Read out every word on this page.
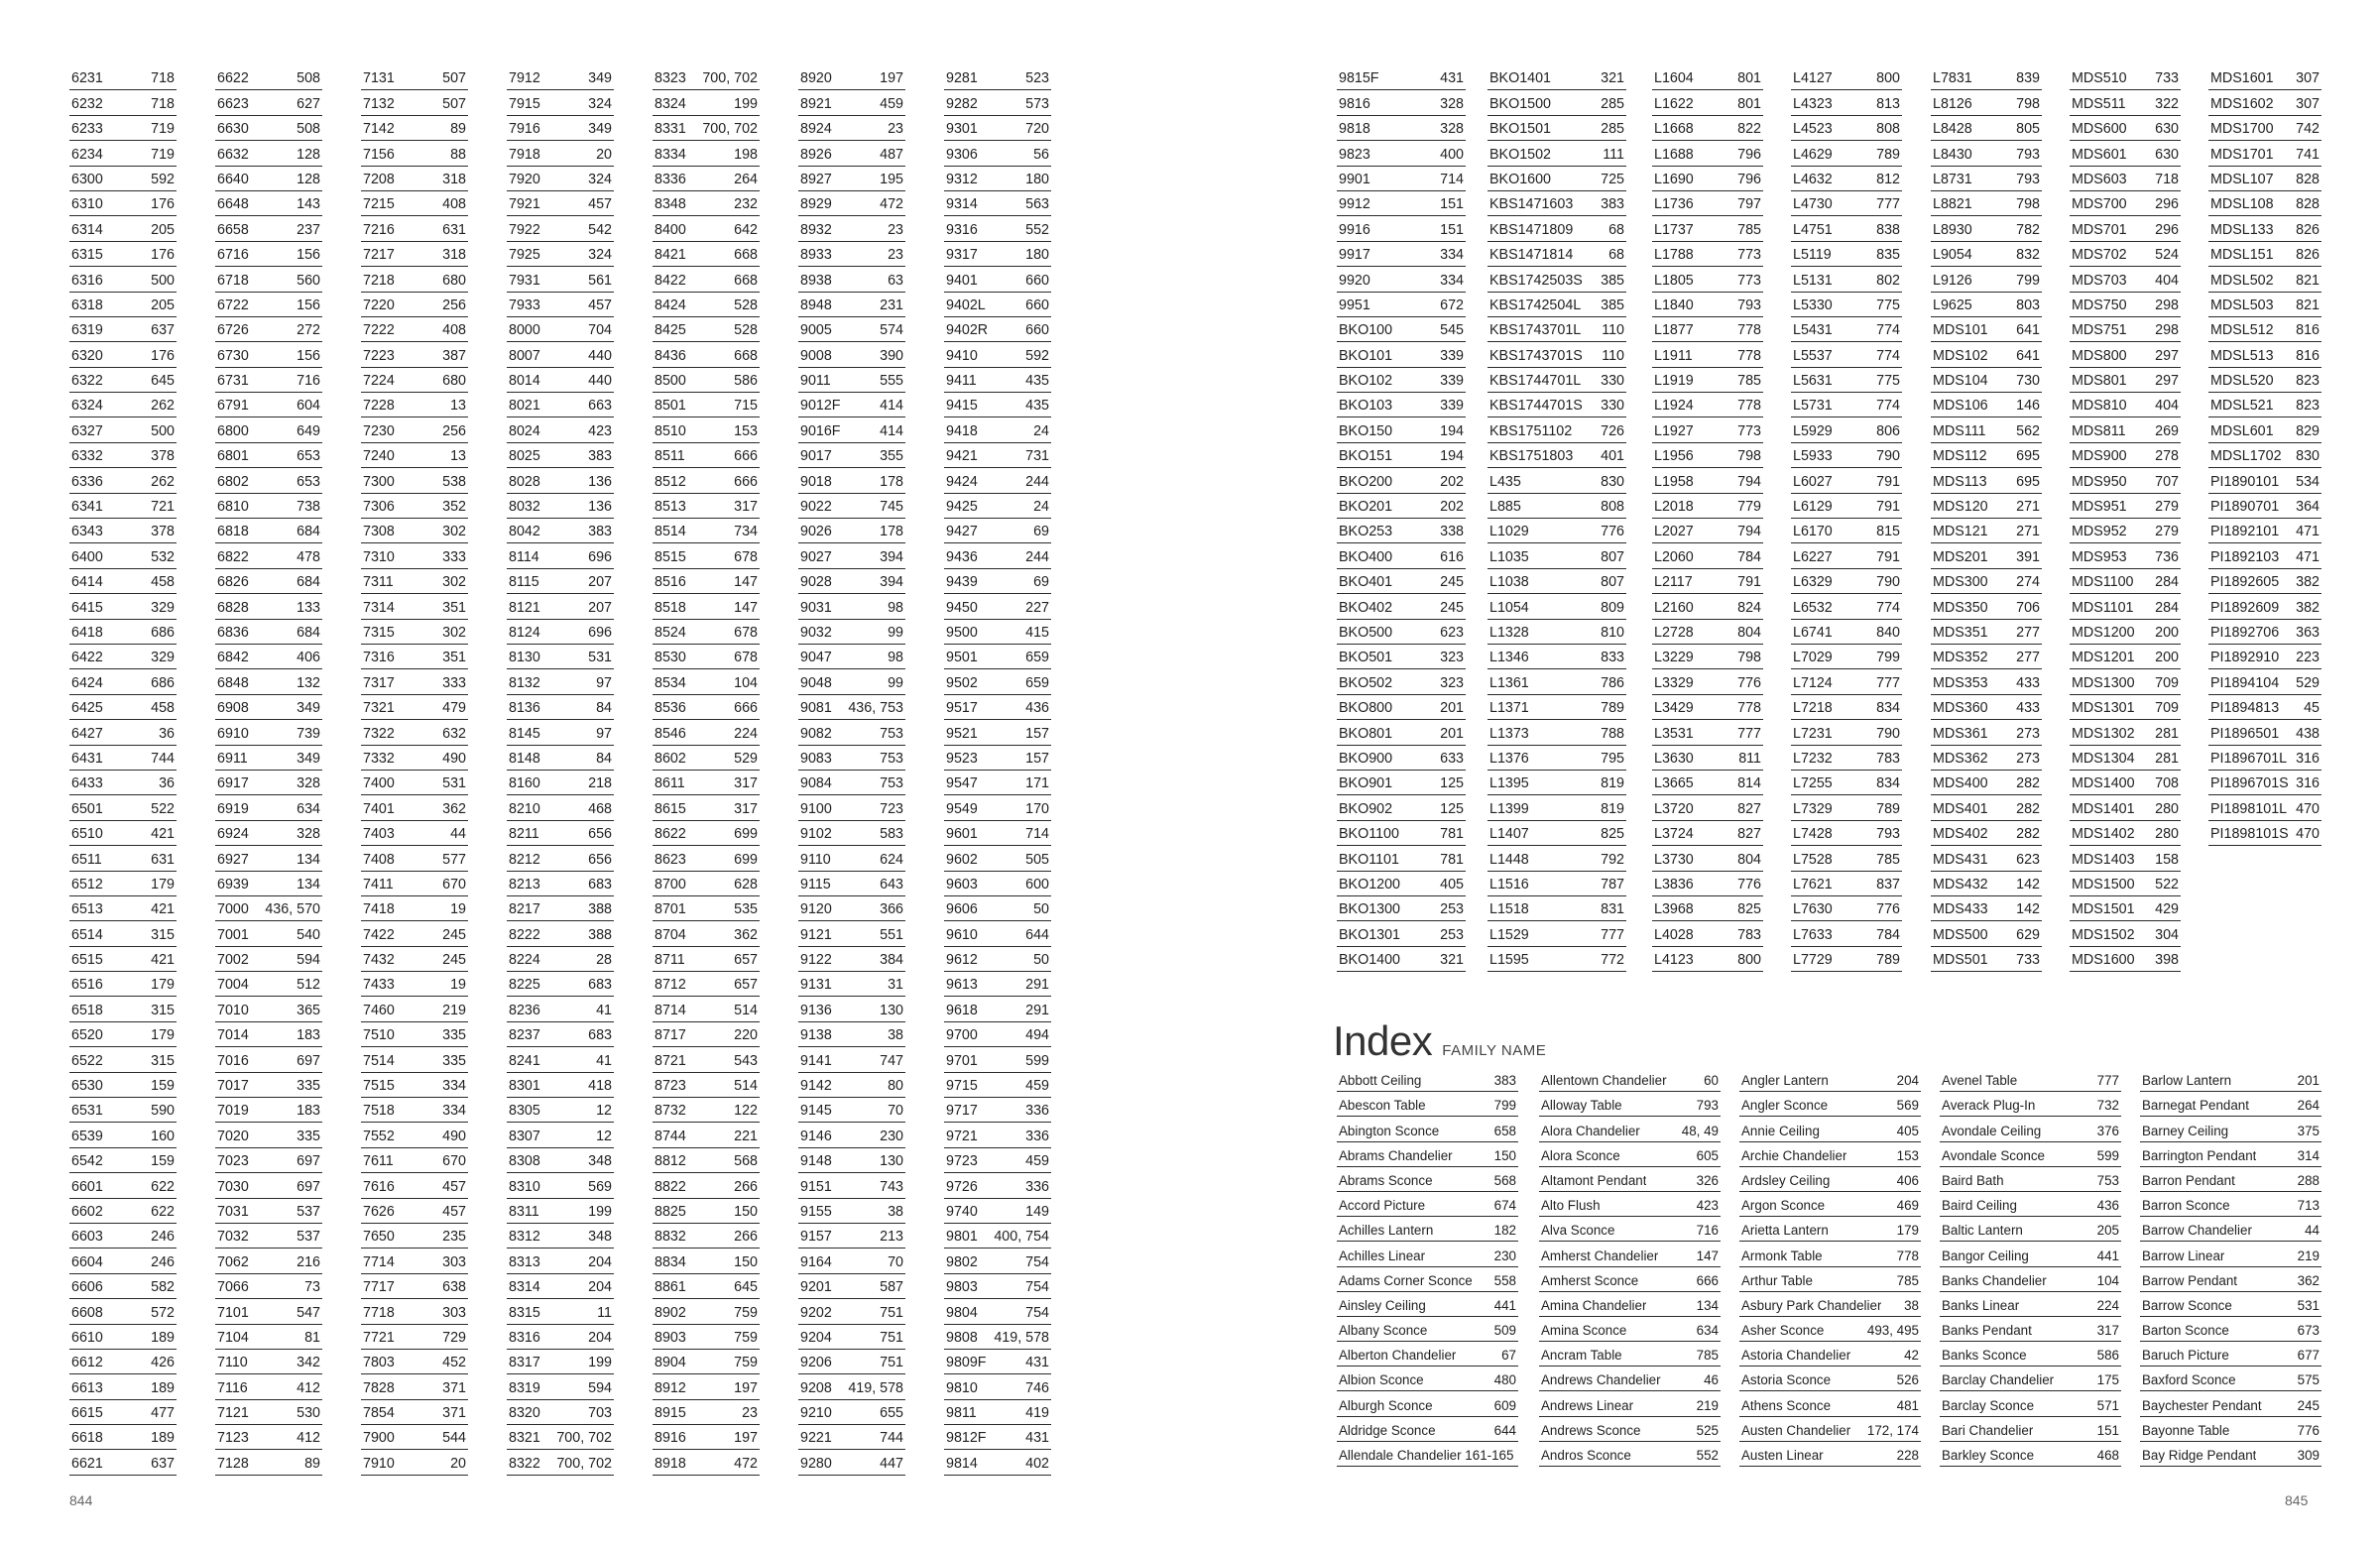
6231	718
6232	718
6233	719
6234	719
6300	592
6310	176
6314	205
6315	176
6316	500
6318	205
6319	637
6320	176
6322	645
6324	262
6327	500
6332	378
6336	262
6341	721
6343	378
6400	532
6414	458
6415	329
6418	686
6422	329
6424	686
6425	458
6427	36
6431	744
6433	36
6501	522
6510	421
6511	631
6512	179
6513	421
6514	315
6515	421
6516	179
6518	315
6520	179
6522	315
6530	159
6531	590
6539	160
6542	159
6601	622
6602	622
6603	246
6604	246
6606	582
6608	572
6610	189
6612	426
6613	189
6615	477
6618	189
6621	637
6622	508
6623	627
6630	508
6632	128
6640	128
6648	143
6658	237
6716	156
6718	560
6722	156
6726	272
6730	156
6731	716
6791	604
6800	649
6801	653
6802	653
6810	738
6818	684
6822	478
6826	684
6828	133
6836	684
6842	406
6848	132
6908	349
6910	739
6911	349
6917	328
6919	634
6924	328
6927	134
6939	134
7000 436, 570
7001	540
7002	594
7004	512
7010	365
7014	183
7016	697
7017	335
7019	183
7020	335
7023	697
7030	697
7031	537
7032	537
7062	216
7066	73
7101	547
7104	81
7110	342
7116	412
7121	530
7123	412
7128	89
7131	507
7132	507
7142	89
7156	88
7208	318
7215	408
7216	631
7217	318
7218	680
7220	256
7222	408
7223	387
7224	680
7228	13
7230	256
7240	13
7300	538
7306	352
7308	302
7310	333
7311	302
7314	351
7315	302
7316	351
7317	333
7321	479
7322	632
7332	490
7400	531
7401	362
7403	44
7408	577
7411	670
7418	19
7422	245
7432	245
7433	19
7460	219
7510	335
7514	335
7515	334
7518	334
7552	490
7611	670
7616	457
7626	457
7650	235
7714	303
7717	638
7718	303
7721	729
7803	452
7828	371
7854	371
7900	544
7910	20
7912	349
7915	324
7916	349
7918	20
7920	324
7921	457
7922	542
7925	324
7931	561
7933	457
8000	704
8007	440
8014	440
8021	663
8024	423
8025	383
8028	136
8032	136
8042	383
8114	696
8115	207
8121	207
8124	696
8130	531
8132	97
8136	84
8145	97
8148	84
8160	218
8210	468
8211	656
8212	656
8213	683
8217	388
8222	388
8224	28
8225	683
8236	41
8237	683
8241	41
8301	418
8305	12
8307	12
8308	348
8310	569
8311	199
8312	348
8313	204
8314	204
8315	11
8316	204
8317	199
8319	594
8320	703
8321 700, 702
8322 700, 702
8323 700, 702
8324	199
8331 700, 702
8334	198
8336	264
8348	232
8400	642
8421	668
8422	668
8424	528
8425	528
8436	668
8500	586
8501	715
8510	153
8511	666
8512	666
8513	317
8514	734
8515	678
8516	147
8518	147
8524	678
8530	678
8534	104
8536	666
8546	224
8602	529
8611	317
8615	317
8622	699
8623	699
8700	628
8701	535
8704	362
8711	657
8712	657
8714	514
8717	220
8721	543
8723	514
8732	122
8744	221
8812	568
8822	266
8825	150
8832	266
8834	150
8861	645
8902	759
8903	759
8904	759
8912	197
8915	23
8916	197
8918	472
8920	197
8921	459
8924	23
8926	487
8927	195
8929	472
8932	23
8933	23
8938	63
8948	231
9005	574
9008	390
9011	555
9012F	414
9016F	414
9017	355
9018	178
9022	745
9026	178
9027	394
9028	394
9031	98
9032	99
9047	98
9048	99
9081 436, 753
9082	753
9083	753
9084	753
9100	723
9102	583
9110	624
9115	643
9120	366
9121	551
9122	384
9131	31
9136	130
9138	38
9141	747
9142	80
9145	70
9146	230
9148	130
9151	743
9155	38
9157	213
9164	70
9201	587
9202	751
9204	751
9206	751
9208 419, 578
9210	655
9221	744
9280	447
9281	523
9282	573
9301	720
9306	56
9312	180
9314	563
9316	552
9317	180
9401	660
9402L	660
9402R	660
9410	592
9411	435
9415	435
9418	24
9421	731
9424	244
9425	24
9427	69
9436	244
9439	69
9450	227
9500	415
9501	659
9502	659
9517	436
9521	157
9523	157
9547	171
9549	170
9601	714
9602	505
9603	600
9606	50
9610	644
9612	50
9613	291
9618	291
9700	494
9701	599
9715	459
9717	336
9721	336
9723	459
9726	336
9740	149
9801 400, 754
9802	754
9803	754
9804	754
9808 419, 578
9809F	431
9810	746
9811	419
9812F	431
9814	402
844
9815F	431
9816	328
9818	328
9823	400
9901	714
9912	151
9916	151
9917	334
9920	334
9951	672
BKO100	545
BKO101	339
BKO102	339
BKO103	339
BKO150	194
BKO151	194
BKO200	202
BKO201	202
BKO253	338
BKO400	616
BKO401	245
BKO402	245
BKO500	623
BKO501	323
BKO502	323
BKO800	201
BKO801	201
BKO900	633
BKO901	125
BKO902	125
BKO1100	781
BKO1101	781
BKO1200	405
BKO1300	253
BKO1301	253
BKO1400	321
BKO1401	321
BKO1500	285
BKO1501	285
BKO1502	111
BKO1600	725
KBS1471603 383
KBS1471809	68
KBS1471814	68
KBS1742503S 385
KBS1742504L 385
KBS1743701L 110
KBS1743701S 110
KBS1744701L 330
KBS1744701S 330
KBS1751102 726
KBS1751803 401
L435	830
L885	808
L1029	776
L1035	807
L1038	807
L1054	809
L1328	810
L1346	833
L1361	786
L1371	789
L1373	788
L1376	795
L1395	819
L1399	819
L1407	825
L1448	792
L1516	787
L1518	831
L1529	777
L1595	772
L1604	801
L1622	801
L1668	822
L1688	796
L1690	796
L1736	797
L1737	785
L1788	773
L1805	773
L1840	793
L1877	778
L1911	778
L1919	785
L1924	778
L1927	773
L1956	798
L1958	794
L2018	779
L2027	794
L2060	784
L2117	791
L2160	824
L2728	804
L3229	798
L3329	776
L3429	778
L3531	777
L3630	811
L3665	814
L3720	827
L3724	827
L3730	804
L3836	776
L3968	825
L4028	783
L4123	800
L4127	800
L4323	813
L4523	808
L4629	789
L4632	812
L4730	777
L4751	838
L5119	835
L5131	802
L5330	775
L5431	774
L5537	774
L5631	775
L5731	774
L5929	806
L5933	790
L6027	791
L6129	791
L6170	815
L6227	791
L6329	790
L6532	774
L6741	840
L7029	799
L7124	777
L7218	834
L7231	790
L7232	783
L7255	834
L7329	789
L7428	793
L7528	785
L7621	837
L7630	776
L7633	784
L7729	789
L7831	839
L8126	798
L8428	805
L8430	793
L8731	793
L8821	798
L8930	782
L9054	832
L9126	799
L9625	803
MDS101 641
MDS102 641
MDS104 730
MDS106 146
MDS111 562
MDS112 695
MDS113 695
MDS120 271
MDS121 271
MDS201 391
MDS300 274
MDS350 706
MDS351 277
MDS352 277
MDS353 433
MDS360 433
MDS361 273
MDS362 273
MDS400 282
MDS401 282
MDS402 282
MDS431 623
MDS432 142
MDS433 142
MDS500 629
MDS501 733
MDS510 733
MDS511 322
MDS600 630
MDS601 630
MDS603 718
MDS700 296
MDS701 296
MDS702 524
MDS703 404
MDS750 298
MDS751 298
MDS800 297
MDS801 297
MDS810 404
MDS811 269
MDS900 278
MDS950 707
MDS951 279
MDS952 279
MDS953 736
MDS1100 284
MDS1101 284
MDS1200 200
MDS1201 200
MDS1300 709
MDS1301 709
MDS1302 281
MDS1304 281
MDS1400 708
MDS1401 280
MDS1402 280
MDS1403 158
MDS1500 522
MDS1501 429
MDS1502 304
MDS1600 398
MDS1601 307
MDS1602 307
MDS1700 742
MDS1701 741
MDSL107 828
MDSL108 828
MDSL133 826
MDSL151 826
MDSL502 821
MDSL503 821
MDSL512 816
MDSL513 816
MDSL520 823
MDSL521 823
MDSL601 829
MDSL1702 830
PI1890101 534
PI1890701 364
PI1892101 471
PI1892103 471
PI1892605 382
PI1892609 382
PI1892706 363
PI1892910 223
PI1894104 529
PI1894813 45
PI1896501 438
PI1896701L 316
PI1896701S 316
PI1898101L 470
PI1898101S 470
Index FAMILY NAME
Abbott Ceiling	383
Abescon Table	799
Abington Sconce	658
Abrams Chandelier	150
Abrams Sconce	568
Accord Picture	674
Achilles Lantern	182
Achilles Linear	230
Adams Corner Sconce 558
Ainsley Ceiling	441
Albany Sconce	509
Alberton Chandelier	67
Albion Sconce	480
Alburgh Sconce	609
Aldridge Sconce	644
Allendale Chandelier 161-165
Allentown Chandelier	60
Alloway Table	793
Alora Chandelier	48, 49
Alora Sconce	605
Altamont Pendant	326
Alto Flush	423
Alva Sconce	716
Amherst Chandelier	147
Amherst Sconce	666
Amina Chandelier	134
Amina Sconce	634
Ancram Table	785
Andrews Chandelier	46
Andrews Linear	219
Andrews Sconce	525
Andros Sconce	552
Angler Lantern	204
Angler Sconce	569
Annie Ceiling	405
Archie Chandelier	153
Ardsley Ceiling	406
Argon Sconce	469
Arietta Lantern	179
Armonk Table	778
Arthur Table	785
Asbury Park Chandelier 38
Asher Sconce	493, 495
Astoria Chandelier	42
Astoria Sconce	526
Athens Sconce	481
Austen Chandelier 172, 174
Austen Linear	228
Avenel Table	777
Averack Plug-In	732
Avondale Ceiling	376
Avondale Sconce	599
Baird Bath	753
Baird Ceiling	436
Baltic Lantern	205
Bangor Ceiling	441
Banks Chandelier	104
Banks Linear	224
Banks Pendant	317
Banks Sconce	586
Barclay Chandelier	175
Barclay Sconce	571
Bari Chandelier	151
Barkley Sconce	468
Barlow Lantern	201
Barnegat Pendant	264
Barney Ceiling	375
Barrington Pendant	314
Barron Pendant	288
Barron Sconce	713
Barrow Chandelier	44
Barrow Linear	219
Barrow Pendant	362
Barrow Sconce	531
Barton Sconce	673
Baruch Picture	677
Baxford Sconce	575
Baychester Pendant	245
Bayonne Table	776
Bay Ridge Pendant	309
845
